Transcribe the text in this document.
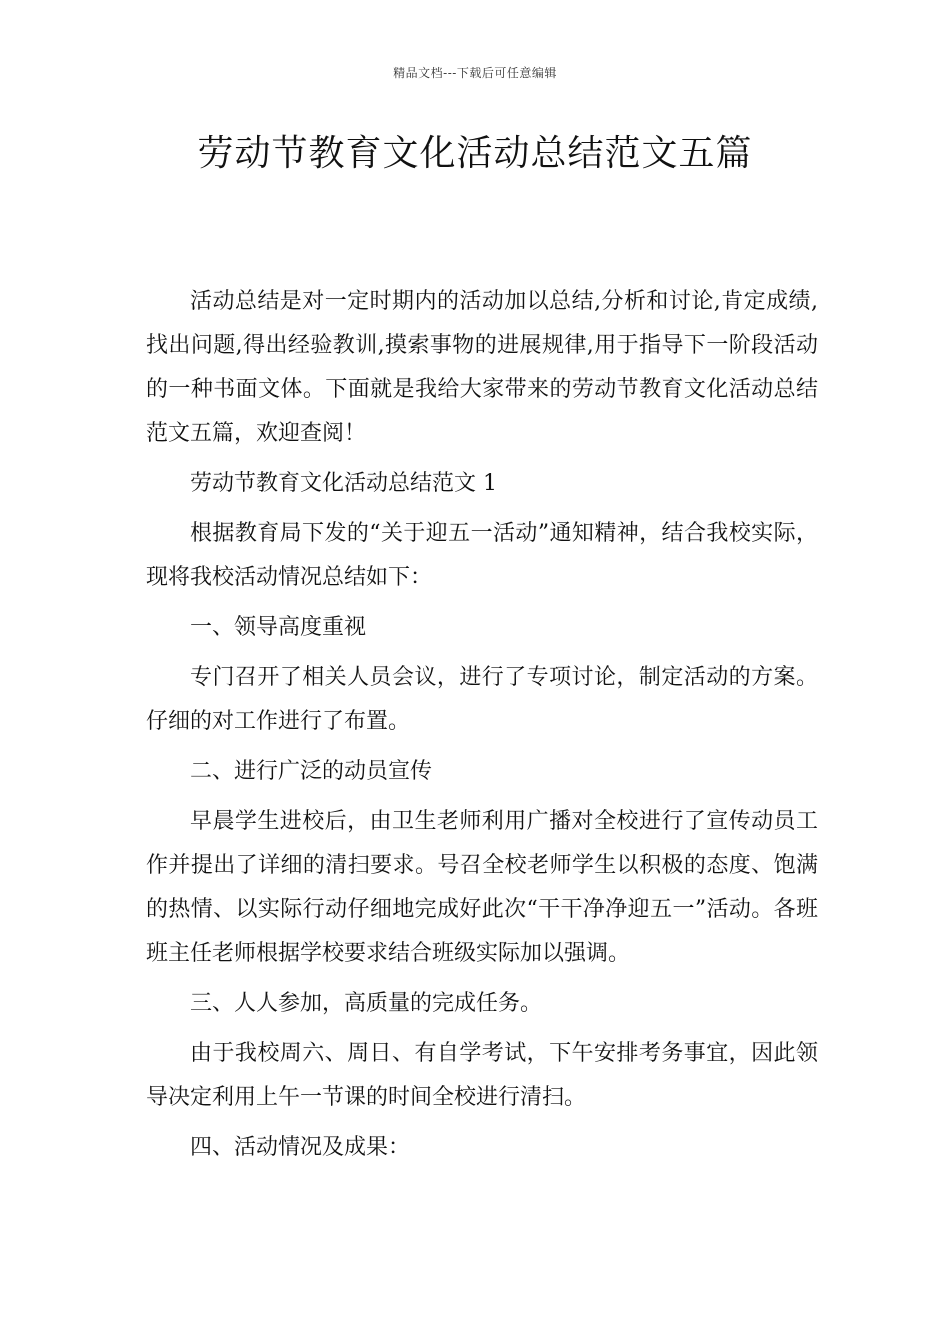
精品文档---下载后可任意编辑
劳动节教育文化活动总结范文五篇

活动总结是对一定时期内的活动加以总结,分析和讨论,肯定成绩,找出问题,得出经验教训,摸索事物的进展规律,用于指导下一阶段活动的一种书面文体。下面就是我给大家带来的劳动节教育文化活动总结范文五篇，欢迎查阅！

劳动节教育文化活动总结范文 1

根据教育局下发的“关于迎五一活动”通知精神，结合我校实际，现将我校活动情况总结如下：

一、领导高度重视

专门召开了相关人员会议，进行了专项讨论，制定活动的方案。仔细的对工作进行了布置。

二、进行广泛的动员宣传

早晨学生进校后，由卫生老师利用广播对全校进行了宣传动员工作并提出了详细的清扫要求。号召全校老师学生以积极的态度、饱满的热情、以实际行动仔细地完成好此次“干干净净迎五一”活动。各班班主任老师根据学校要求结合班级实际加以强调。

三、人人参加，高质量的完成任务。

由于我校周六、周日、有自学考试，下午安排考务事宜，因此领导决定利用上午一节课的时间全校进行清扫。

四、活动情况及成果：
